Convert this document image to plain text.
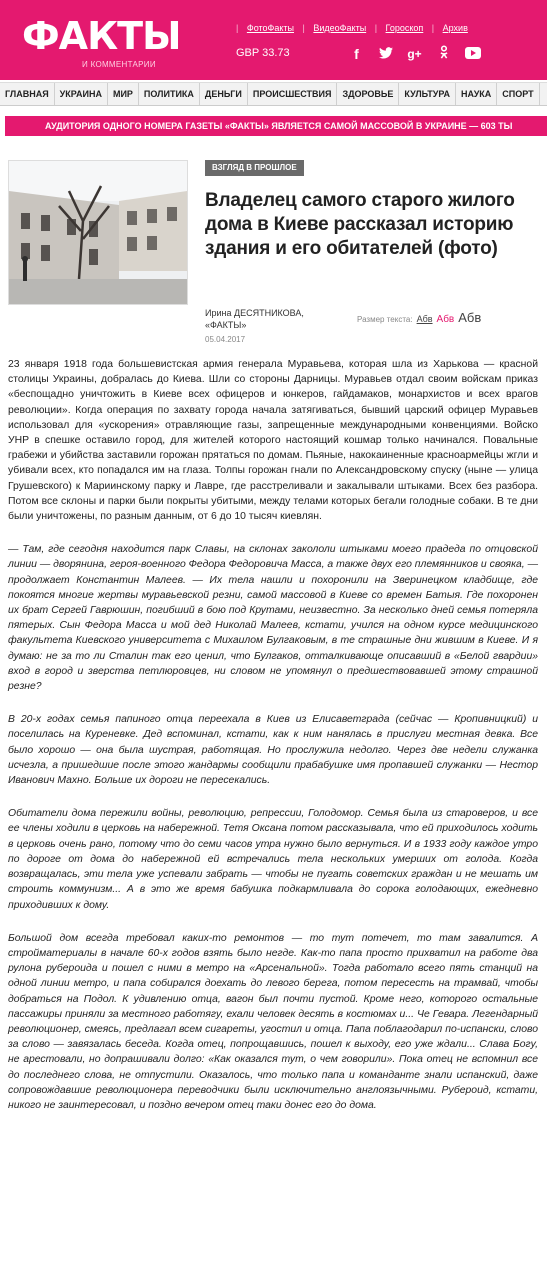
ФАКТЫ
И КОММЕНТАРИИ
| ФотоФакты | ВидеоФакты | Гороскоп | Архив
GBP 33.73	f	g+
ГЛАВНАЯ	УКРАИНА	МИР	ПОЛИТИКА	ДЕНЬГИ	ПРОИСШЕСТВИЯ	ЗДОРОВЬЕ	КУЛЬТУРА	НАУКА	СПОРТ
АУДИТОРИЯ ОДНОГО НОМЕРА ГАЗЕТЫ «ФАКТЫ» ЯВЛЯЕТСЯ САМОЙ МАССОВОЙ В УКРАИНЕ — 603 ТЫ
ВЗГЛЯД В ПРОШЛОЕ
Владелец самого старого жилого дома в Киеве рассказал историю здания и его обитателей (фото)
Ирина ДЕСЯТНИКОВА,
«ФАКТЫ»
05.04.2017
Размер текста: Абв Абв Абв

23 января 1918 года большевистская армия генерала Муравьева, которая шла из Харькова — красной столицы Украины, добралась до Киева. Шли со стороны Дарницы. Муравьев отдал своим войскам приказ «беспощадно уничтожить в Киеве всех офицеров и юнкеров, гайдамаков, монархистов и всех врагов революции». Когда операция по захвату города начала затягиваться, бывший царский офицер Муравьев использовал для «ускорения» отравляющие газы, запрещенные международными конвенциями. Войско УНР в спешке оставило город, для жителей которого настоящий кошмар только начинался. Повальные грабежи и убийства заставили горожан прятаться по домам. Пьяные, накокаиненные красноармейцы жгли и убивали всех, кто попадался им на глаза. Толпы горожан гнали по Александровскому спуску (ныне — улица Грушевского) к Мариинскому парку и Лавре, где расстреливали и закалывали штыками. Всех без разбора. Потом все склоны и парки были покрыты убитыми, между телами которых бегали голодные собаки. В те дни были уничтожены, по разным данным, от 6 до 10 тысяч киевлян.

— Там, где сегодня находится парк Славы, на склонах закололи штыками моего прадеда по отцовской линии — дворянина, героя-военного Федора Федоровича Масса, а также двух его племянников и свояка, — продолжает Константин Малеев. — Их тела нашли и похоронили на Зверинецком кладбище, где покоятся многие жертвы муравьевской резни, самой массовой в Киеве со времен Батыя. Где похоронен их брат Сергей Гаврюшин, погибший в бою под Крутами, неизвестно. За несколько дней семья потеряла пятерых. Сын Федора Масса и мой дед Николай Малеев, кстати, учился на одном курсе медицинского факультета Киевского университета с Михаилом Булгаковым, в те страшные дни жившим в Киеве. И я думаю: не за то ли Сталин так его ценил, что Булгаков, отталкивающе описавший в «Белой гвардии» вход в город и зверства петлюровцев, ни словом не упомянул о предшествовавшей этому страшной резне?

В 20-х годах семья папиного отца переехала в Киев из Елисаветграда (сейчас — Кропивницкий) и поселилась на Куреневке. Дед вспоминал, кстати, как к ним нанялась в прислуги местная девка. Все было хорошо — она была шустрая, работящая. Но прослужила недолго. Через две недели служанка исчезла, а пришедшие после этого жандармы сообщили прабабушке имя пропавшей служанки — Нестор Иванович Махно. Больше их дороги не пересекались.

Обитатели дома пережили войны, революцию, репрессии, Голодомор. Семья была из староверов, и все ее члены ходили в церковь на набережной. Тетя Оксана потом рассказывала, что ей приходилось ходить в церковь очень рано, потому что до семи часов утра нужно было вернуться. И в 1933 году каждое утро по дороге от дома до набережной ей встречались тела нескольких умерших от голода. Когда возвращалась, эти тела уже успевали забрать — чтобы не пугать советских граждан и не мешать им строить коммунизм... А в это же время бабушка подкармливала до сорока голодающих, ежедневно приходивших к дому.

Большой дом всегда требовал каких-то ремонтов — то тут потечет, то там завалится. А стройматериалы в начале 60-х годов взять было негде. Как-то папа просто прихватил на работе два рулона рубероида и пошел с ними в метро на «Арсенальной». Тогда работало всего пять станций на одной линии метро, и папа собирался доехать до левого берега, потом пересесть на трамвай, чтобы добраться на Подол. К удивлению отца, вагон был почти пустой. Кроме него, которого остальные пассажиры приняли за местного работягу, ехали человек десять в костюмах и... Че Гевара. Легендарный революционер, смеясь, предлагал всем сигареты, угостил и отца. Папа поблагодарил по-испански, слово за слово — завязалась беседа. Когда отец, попрощавшись, пошел к выходу, его уже ждали... Слава Богу, не арестовали, но допрашивали долго: «Как оказался тут, о чем говорили». Пока отец не вспомнил все до последнего слова, не отпустили. Оказалось, что только папа и команданте знали испанский, даже сопровождавшие революционера переводчики были исключительно англоязычными. Рубероид, кстати, никого не заинтересовал, и поздно вечером отец таки донес его до дома.
